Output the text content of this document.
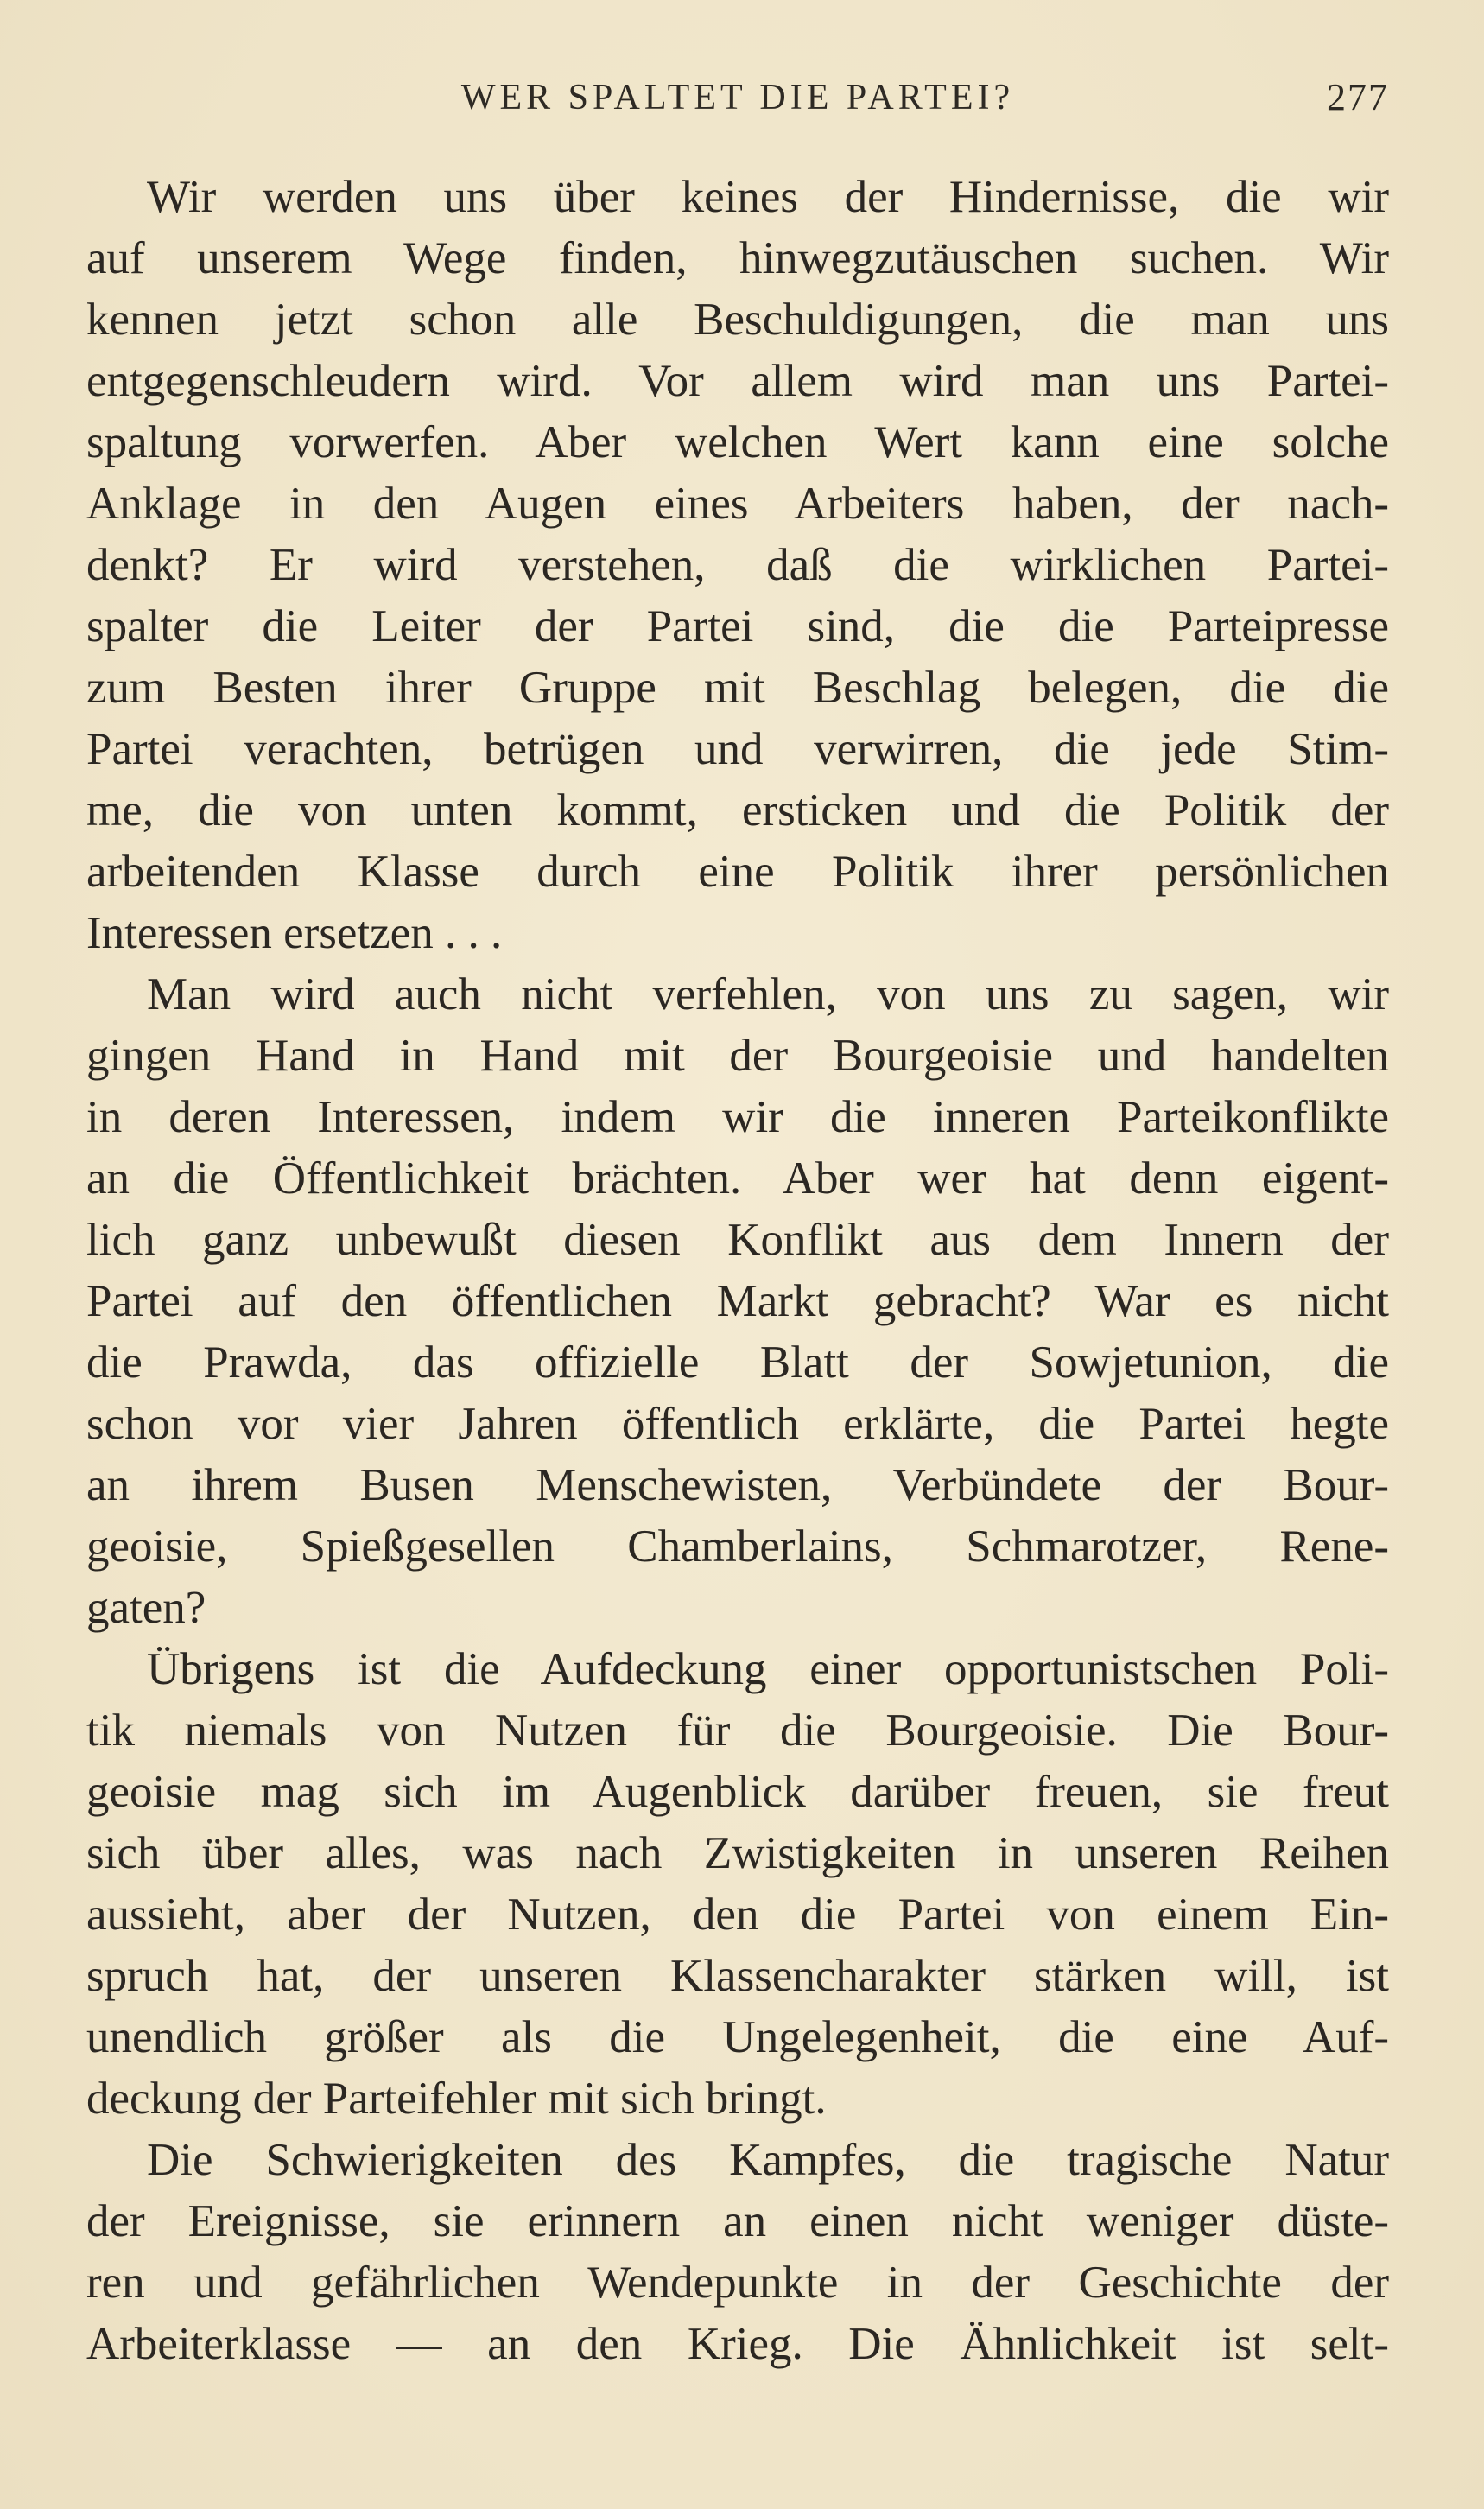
WER SPALTET DIE PARTEI?	277
Wir werden uns über keines der Hindernisse, die wir
auf unserem Wege finden, hinwegzutäuschen suchen. Wir
kennen jetzt schon alle Beschuldigungen, die man uns
entgegenschleudern wird. Vor allem wird man uns Partei-
spaltung vorwerfen. Aber welchen Wert kann eine solche
Anklage in den Augen eines Arbeiters haben, der nach-
denkt? Er wird verstehen, daß die wirklichen Partei-
spalter die Leiter der Partei sind, die die Parteipresse
zum Besten ihrer Gruppe mit Beschlag belegen, die die
Partei verachten, betrügen und verwirren, die jede Stim-
me, die von unten kommt, ersticken und die Politik der
arbeitenden Klasse durch eine Politik ihrer persönlichen
Interessen ersetzen . . .
Man wird auch nicht verfehlen, von uns zu sagen, wir
gingen Hand in Hand mit der Bourgeoisie und handelten
in deren Interessen, indem wir die inneren Parteikonflikte
an die Öffentlichkeit brächten. Aber wer hat denn eigent-
lich ganz unbewußt diesen Konflikt aus dem Innern der
Partei auf den öffentlichen Markt gebracht? War es nicht
die Prawda, das offizielle Blatt der Sowjetunion, die
schon vor vier Jahren öffentlich erklärte, die Partei hegte
an ihrem Busen Menschewisten, Verbündete der Bour-
geoisie, Spießgesellen Chamberlains, Schmarotzer, Rene-
gaten?
Übrigens ist die Aufdeckung einer opportunistschen Poli-
tik niemals von Nutzen für die Bourgeoisie. Die Bour-
geoisie mag sich im Augenblick darüber freuen, sie freut
sich über alles, was nach Zwistigkeiten in unseren Reihen
aussieht, aber der Nutzen, den die Partei von einem Ein-
spruch hat, der unseren Klassencharakter stärken will, ist
unendlich größer als die Ungelegenheit, die eine Auf-
deckung der Parteifehler mit sich bringt.
Die Schwierigkeiten des Kampfes, die tragische Natur
der Ereignisse, sie erinnern an einen nicht weniger düste-
ren und gefährlichen Wendepunkte in der Geschichte der
Arbeiterklasse — an den Krieg. Die Ähnlichkeit ist selt-
